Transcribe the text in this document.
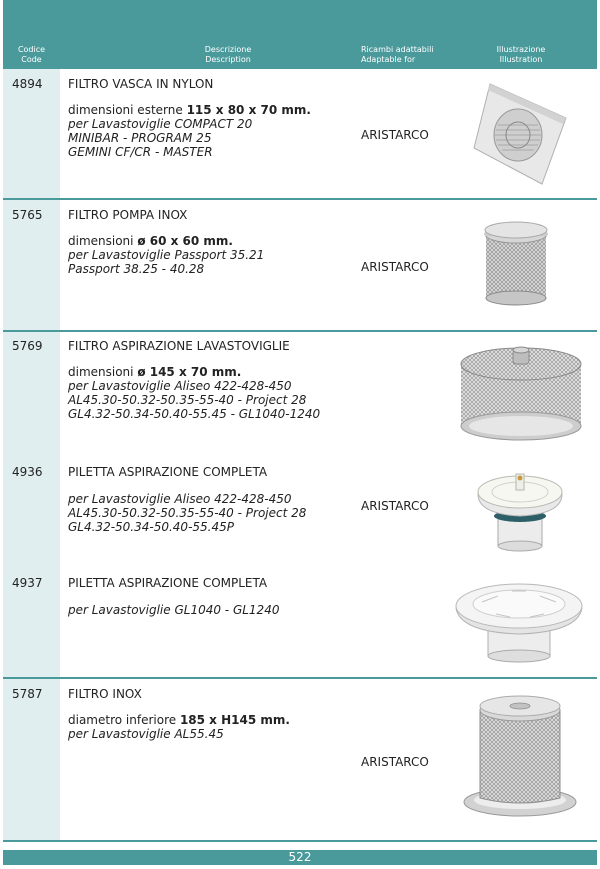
Codice
Code
Descrizione
Description
Ricambi adattabili
Adaptable for
Illustrazione
Illustration
4894 FILTRO VASCA IN NYLON
dimensioni esterne 115 x 80 x 70 mm.
per Lavastoviglie COMPACT 20
MINIBAR - PROGRAM 25
GEMINI CF/CR - MASTER
ARISTARCO
5765 FILTRO POMPA INOX
dimensioni ø 60 x 60 mm.
per Lavastoviglie Passport 35.21
Passport 38.25 - 40.28	ARISTARCO
5769 FILTRO ASPIRAZIONE LAVASTOVIGLIE
dimensioni ø 145 x 70 mm.
per Lavastoviglie Aliseo 422-428-450
AL45.30-50.32-50.35-55-40 - Project 28
GL4.32-50.34-50.40-55.45 - GL1040-1240
4936 PILETTA ASPIRAZIONE COMPLETA
per Lavastoviglie Aliseo 422-428-450
AL45.30-50.32-50.35-55-40 - Project 28
GL4.32-50.34-50.40-55.45P
ARISTARCO
4937 PILETTA ASPIRAZIONE COMPLETA
per Lavastoviglie GL1040 - GL1240
5787 FILTRO INOX
diametro inferiore 185 x H145 mm.
per Lavastoviglie AL55.45
ARISTARCO
522
